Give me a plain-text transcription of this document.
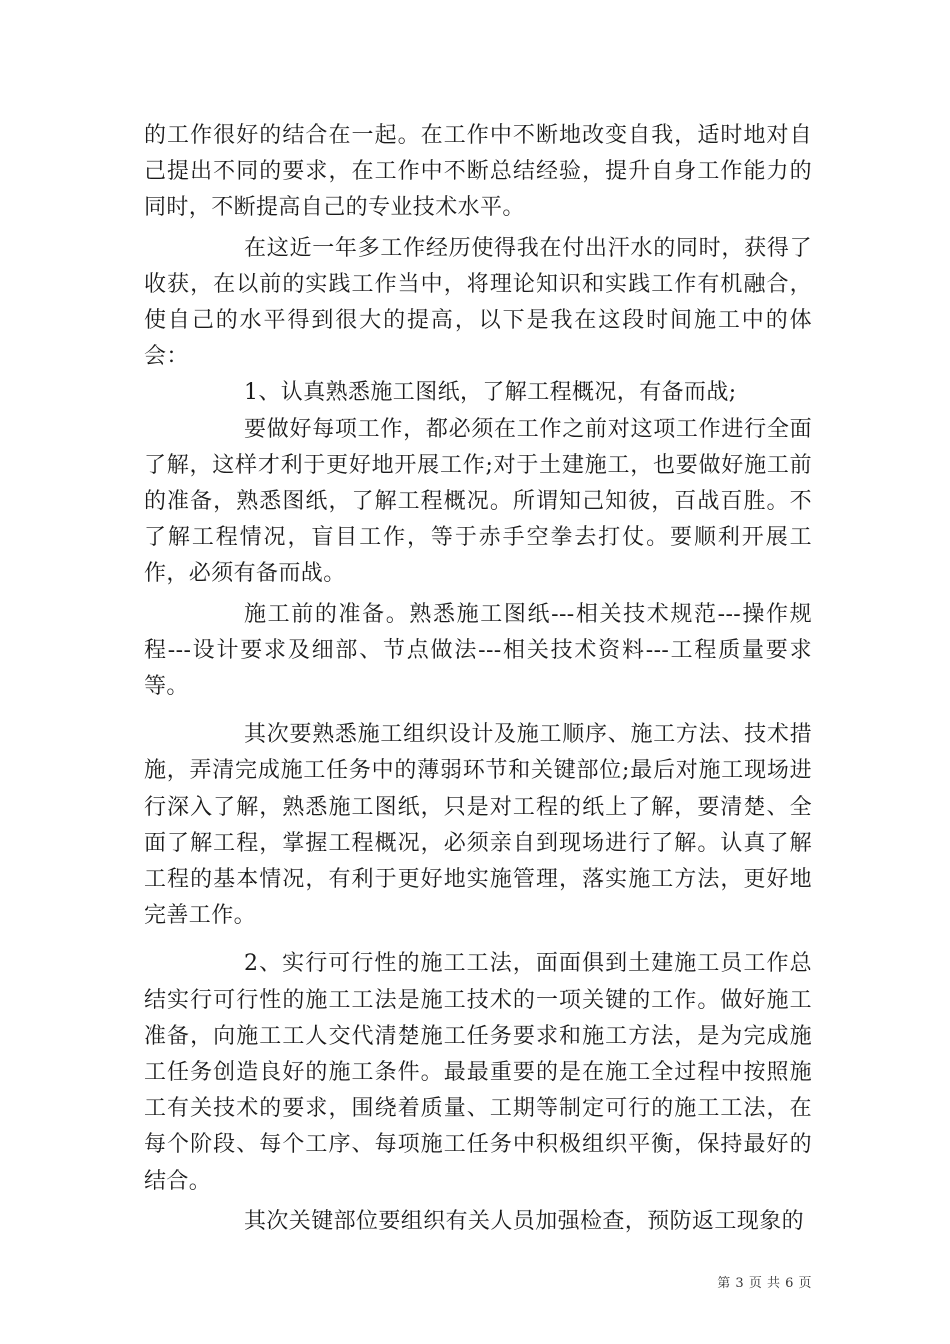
的工作很好的结合在一起。在工作中不断地改变自我，适时地对自己提出不同的要求，在工作中不断总结经验，提升自身工作能力的同时，不断提高自己的专业技术水平。

在这近一年多工作经历使得我在付出汗水的同时，获得了收获，在以前的实践工作当中，将理论知识和实践工作有机融合，使自己的水平得到很大的提高，以下是我在这段时间施工中的体会：

1、认真熟悉施工图纸，了解工程概况，有备而战;

要做好每项工作，都必须在工作之前对这项工作进行全面了解，这样才利于更好地开展工作;对于土建施工，也要做好施工前的准备，熟悉图纸，了解工程概况。所谓知己知彼，百战百胜。不了解工程情况，盲目工作，等于赤手空拳去打仗。要顺利开展工作，必须有备而战。

施工前的准备。熟悉施工图纸---相关技术规范---操作规程---设计要求及细部、节点做法---相关技术资料---工程质量要求等。

其次要熟悉施工组织设计及施工顺序、施工方法、技术措施，弄清完成施工任务中的薄弱环节和关键部位;最后对施工现场进行深入了解，熟悉施工图纸，只是对工程的纸上了解，要清楚、全面了解工程，掌握工程概况，必须亲自到现场进行了解。认真了解工程的基本情况，有利于更好地实施管理，落实施工方法，更好地完善工作。

2、实行可行性的施工工法，面面俱到土建施工员工作总结实行可行性的施工工法是施工技术的一项关键的工作。做好施工准备，向施工工人交代清楚施工任务要求和施工方法，是为完成施工任务创造良好的施工条件。最最重要的是在施工全过程中按照施工有关技术的要求，围绕着质量、工期等制定可行的施工工法，在每个阶段、每个工序、每项施工任务中积极组织平衡，保持最好的结合。

其次关键部位要组织有关人员加强检查，预防返工现象的

第 3 页 共 6 页
